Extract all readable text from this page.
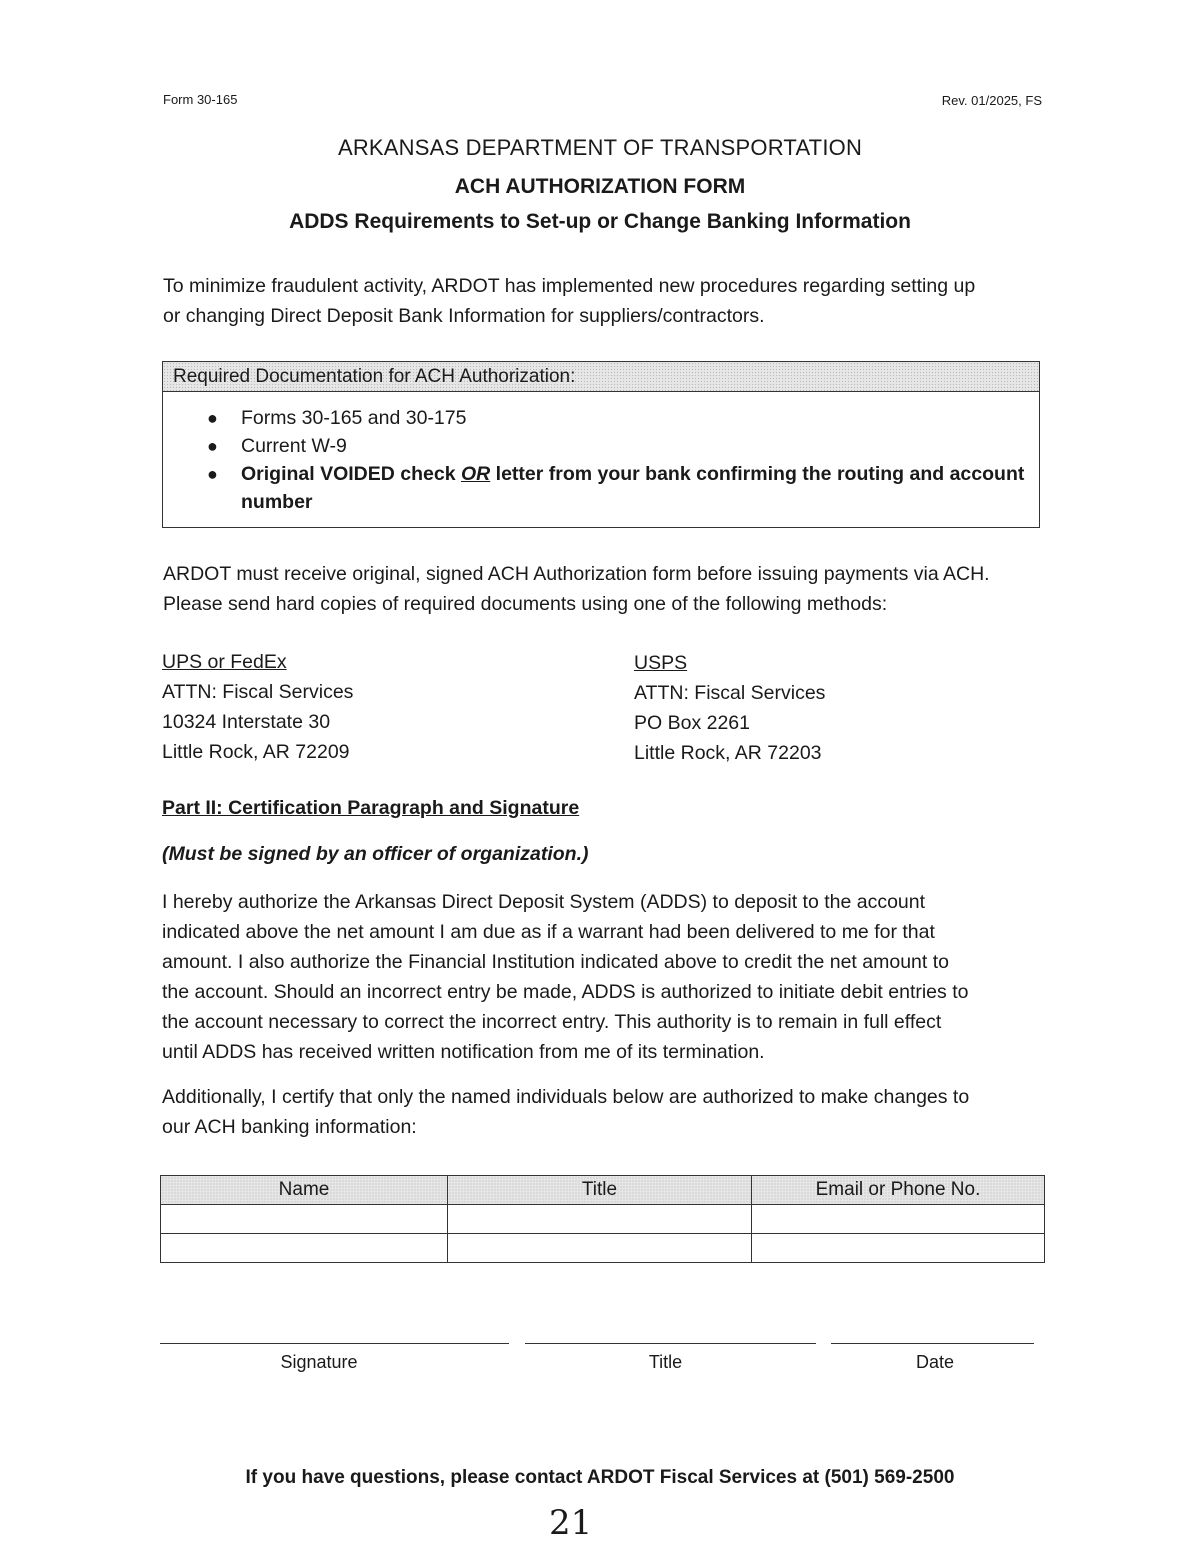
Form 30-165	Rev. 01/2025, FS
ARKANSAS DEPARTMENT OF TRANSPORTATION
ACH AUTHORIZATION FORM
ADDS Requirements to Set-up or Change Banking Information
To minimize fraudulent activity, ARDOT has implemented new procedures regarding setting up
or changing Direct Deposit Bank Information for suppliers/contractors.
Required Documentation for ACH Authorization:
● Forms 30-165 and 30-175
● Current W-9
● Original VOIDED check OR letter from your bank confirming the routing and account
number
ARDOT must receive original, signed ACH Authorization form before issuing payments via ACH.
Please send hard copies of required documents using one of the following methods:
UPS or FedEx
ATTN: Fiscal Services
10324 Interstate 30
Little Rock, AR 72209
USPS
ATTN: Fiscal Services
PO Box 2261
Little Rock, AR 72203
Part II: Certification Paragraph and Signature
(Must be signed by an officer of organization.)
I hereby authorize the Arkansas Direct Deposit System (ADDS) to deposit to the account
indicated above the net amount I am due as if a warrant had been delivered to me for that
amount. I also authorize the Financial Institution indicated above to credit the net amount to
the account. Should an incorrect entry be made, ADDS is authorized to initiate debit entries to
the account necessary to correct the incorrect entry. This authority is to remain in full effect
until ADDS has received written notification from me of its termination.
Additionally, I certify that only the named individuals below are authorized to make changes to
our ACH banking information:
Name	Title	Email or Phone No.

Signature	Title	Date
If you have questions, please contact ARDOT Fiscal Services at (501) 569-2500
21
